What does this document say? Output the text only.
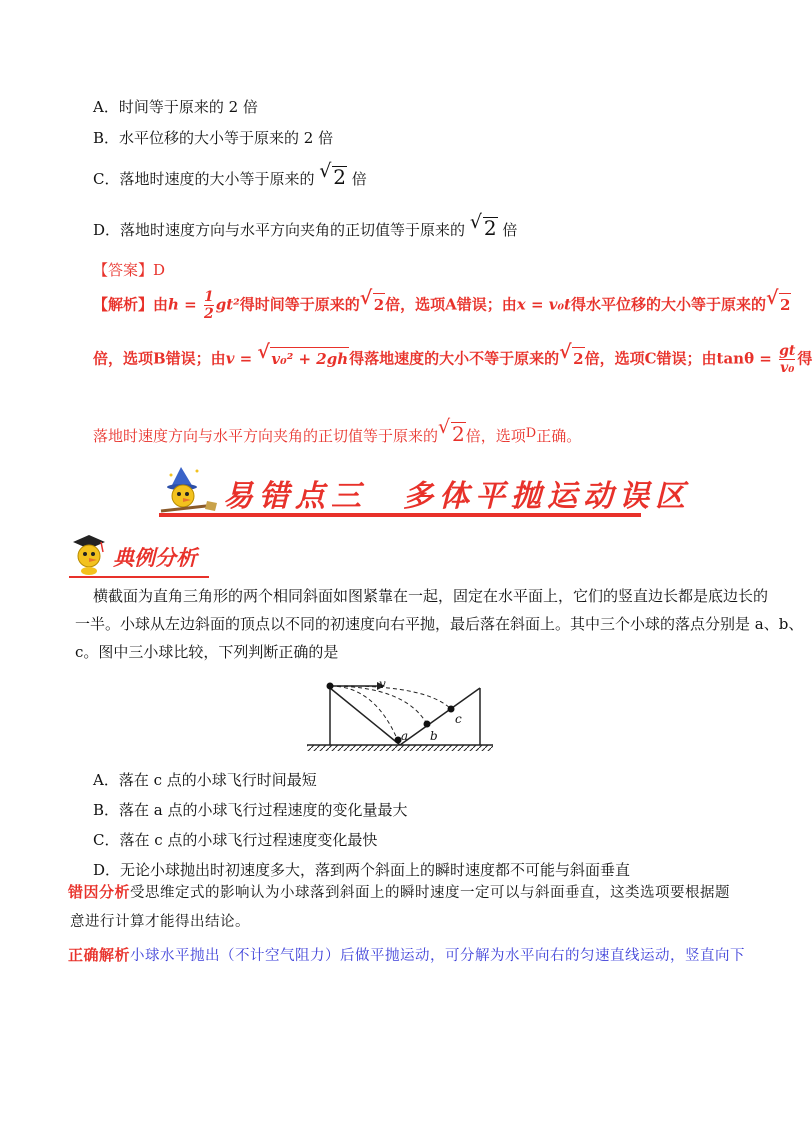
A．时间等于原来的 2 倍
B．水平位移的大小等于原来的 2 倍
C．落地时速度的大小等于原来的 √ 2 倍
D．落地时速度方向与水平方向夹角的正切值等于原来的 √ 2 倍
【答案】D
【解析】由$h = \frac{1}{2} gt^2$得时间等于原来的 √ 2倍，选项A错误；由x = v₀t得水平位移的大小等于原来的 √ 2
倍，选项B错误；由v = √ v₀² + 2gh得落地速度的大小不等于原来的 √ 2倍，选项C错误；由$\tan\theta = \frac{gt}{\text{v₀}}$ 得
落地时速度方向与水平方向夹角的正切值等于原来的 √ 2倍，选项D正确。
易错点三　多体平抛运动误区
典例分析
横截面为直角三角形的两个相同斜面如图紧靠在一起，固定在水平面上，它们的竖直边长都是底边长的
一半。小球从左边斜面的顶点以不同的初速度向右平抛，最后落在斜面上。其中三个小球的落点分别是 a、b、
c。图中三小球比较，下列判断正确的是
v
a b
c
A．落在 c 点的小球飞行时间最短
B．落在 a 点的小球飞行过程速度的变化量最大
C．落在 c 点的小球飞行过程速度变化最快
D．无论小球抛出时初速度多大，落到两个斜面上的瞬时速度都不可能与斜面垂直
错因分析受思维定式的影响认为小球落到斜面上的瞬时速度一定可以与斜面垂直，这类选项要根据题
意进行计算才能得出结论。
正确解析小球水平抛出（不计空气阻力）后做平抛运动，可分解为水平向右的匀速直线运动，竖直向下
